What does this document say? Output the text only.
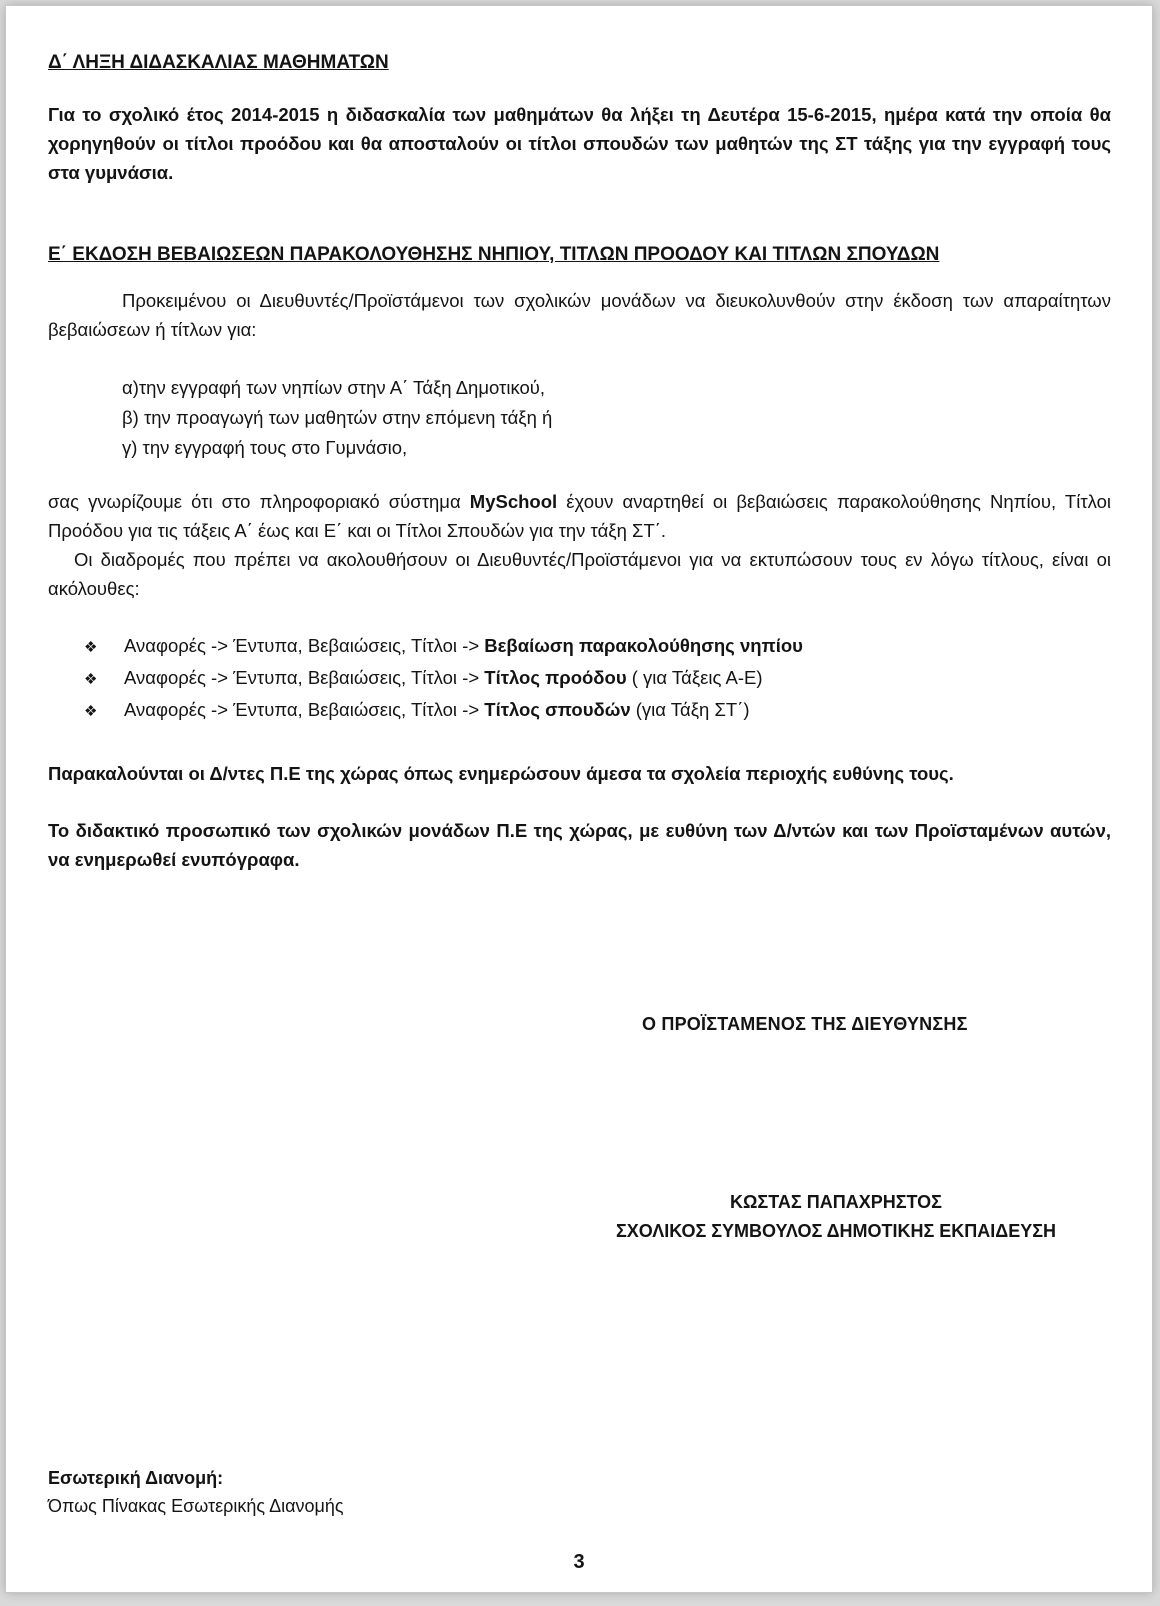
Δ΄ ΛΗΞΗ ΔΙΔΑΣΚΑΛΙΑΣ ΜΑΘΗΜΑΤΩΝ

Για το σχολικό έτος 2014-2015 η διδασκαλία των μαθημάτων θα λήξει τη Δευτέρα 15-6-2015, ημέρα κατά την οποία θα χορηγηθούν οι τίτλοι προόδου και θα αποσταλούν οι τίτλοι σπουδών των μαθητών της ΣΤ τάξης για την εγγραφή τους στα γυμνάσια.

Ε΄ ΕΚΔΟΣΗ ΒΕΒΑΙΩΣΕΩΝ ΠΑΡΑΚΟΛΟΥΘΗΣΗΣ ΝΗΠΙΟΥ, ΤΙΤΛΩΝ ΠΡΟΟΔΟΥ ΚΑΙ ΤΙΤΛΩΝ ΣΠΟΥΔΩΝ

Προκειμένου οι Διευθυντές/Προϊστάμενοι των σχολικών μονάδων να διευκολυνθούν στην έκδοση των απαραίτητων βεβαιώσεων ή τίτλων για:

α)την εγγραφή των νηπίων στην Α΄ Τάξη Δημοτικού,
β) την προαγωγή των μαθητών στην επόμενη τάξη ή
γ) την εγγραφή τους στο Γυμνάσιο,

σας γνωρίζουμε ότι στο πληροφοριακό σύστημα MySchool έχουν αναρτηθεί οι βεβαιώσεις παρακολούθησης Νηπίου, Τίτλοι Προόδου για τις τάξεις Α΄ έως και Ε΄ και οι Τίτλοι Σπουδών για την τάξη ΣΤ΄.

Οι διαδρομές που πρέπει να ακολουθήσουν οι Διευθυντές/Προϊστάμενοι για να εκτυπώσουν τους εν λόγω τίτλους, είναι οι ακόλουθες:

❖	Αναφορές -> Έντυπα, Βεβαιώσεις, Τίτλοι -> Βεβαίωση παρακολούθησης νηπίου
❖	Αναφορές -> Έντυπα, Βεβαιώσεις, Τίτλοι -> Τίτλος προόδου ( για Τάξεις Α-Ε)
❖	Αναφορές -> Έντυπα, Βεβαιώσεις, Τίτλοι -> Τίτλος σπουδών (για Τάξη ΣΤ΄)

Παρακαλούνται οι Δ/ντες Π.Ε της χώρας όπως ενημερώσουν άμεσα τα σχολεία περιοχής ευθύνης τους.

Το διδακτικό προσωπικό των σχολικών μονάδων Π.Ε της χώρας, με ευθύνη των Δ/ντών και των Προϊσταμένων αυτών, να ενημερωθεί ενυπόγραφα.

Ο ΠΡΟΪΣΤΑΜΕΝΟΣ ΤΗΣ ΔΙΕΥΘΥΝΣΗΣ
ΚΩΣΤΑΣ ΠΑΠΑΧΡΗΣΤΟΣ
ΣΧΟΛΙΚΟΣ ΣΥΜΒΟΥΛΟΣ ΔΗΜΟΤΙΚΗΣ ΕΚΠΑΙΔΕΥΣΗ
Εσωτερική Διανομή:
Όπως Πίνακας Εσωτερικής Διανομής
3
